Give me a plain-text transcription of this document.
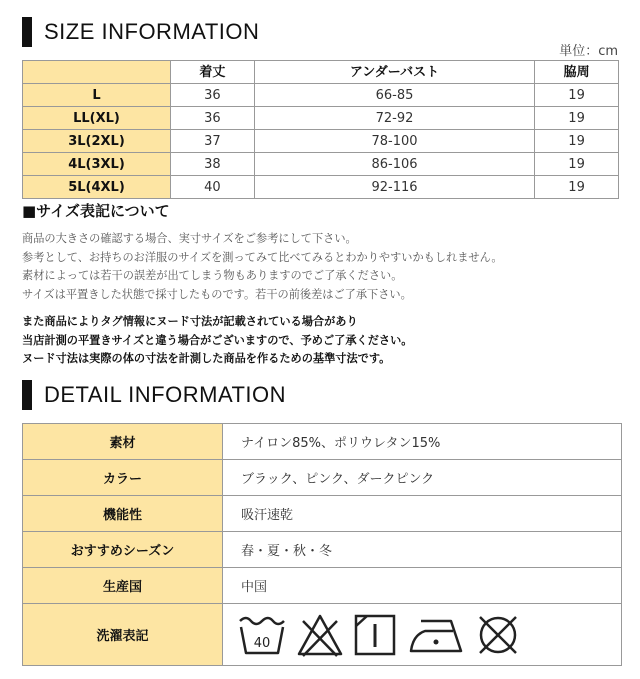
SIZE INFORMATION
単位：cm
	着丈	アンダーバスト	脇周
L	36	66-85	19
LL(XL)	36	72-92	19
3L(2XL)	37	78-100	19
4L(3XL)	38	86-106	19
5L(4XL)	40	92-116	19
■サイズ表記について
商品の大きさの確認する場合、実寸サイズをご参考にして下さい。
参考として、お持ちのお洋服のサイズを測ってみて比べてみるとわかりやすいかもしれません。
素材によっては若干の誤差が出てしまう物もありますのでご了承ください。
サイズは平置きした状態で採寸したものです。若干の前後差はご了承下さい。
また商品によりタグ情報にヌード寸法が記載されている場合があり
当店計測の平置きサイズと違う場合がございますので、予めご了承ください。
ヌード寸法は実際の体の寸法を計測した商品を作るための基準寸法です。
DETAIL INFORMATION
素材	ナイロン85%、ポリウレタン15%
カラー	ブラック、ピンク、ダークピンク
機能性	吸汗速乾
おすすめシーズン	春・夏・秋・冬
生産国	中国
洗濯表記	40
